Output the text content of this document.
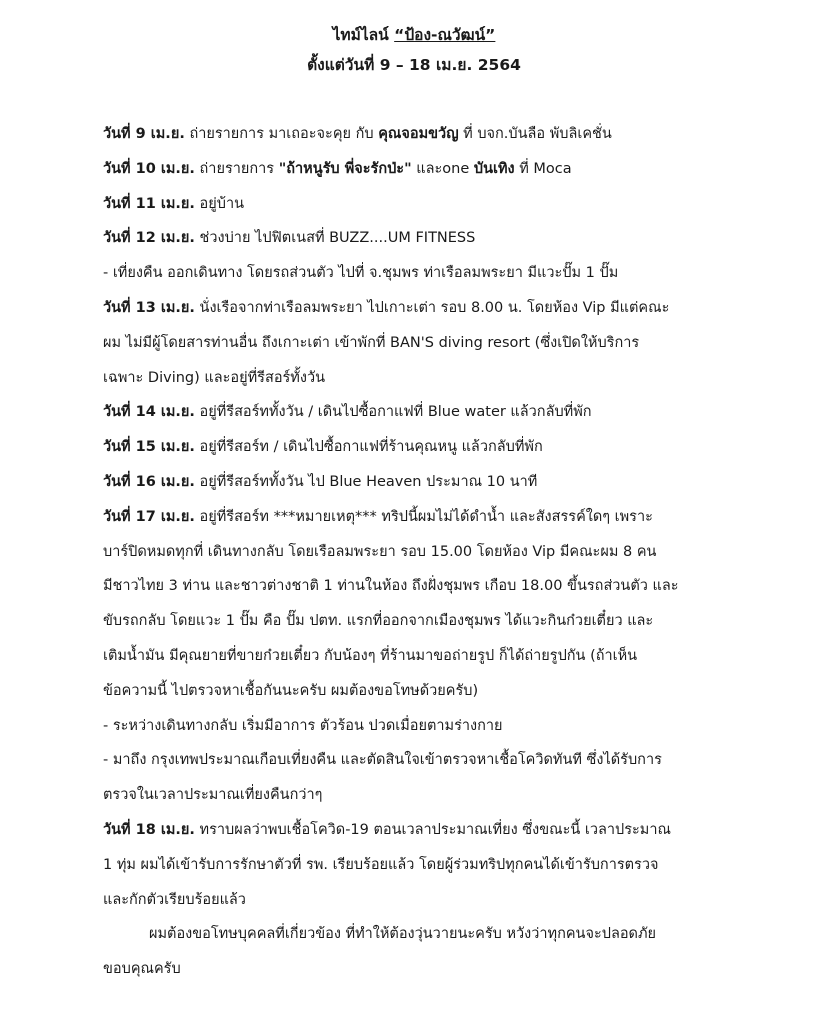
ไทม์ไลน์ “ป้อง-ณวัฒน์”
ตั้งแต่วันที่ 9 – 18 เม.ย. 2564
วันที่ 9 เม.ย. ถ่ายรายการ มาเถอะจะคุย กับ คุณจอมขวัญ ที่ บจก.บันลือ พับลิเคชั่น
วันที่ 10 เม.ย. ถ่ายรายการ "ถ้าหนูรับ พี่จะรักป่ะ" และone บันเทิง ที่ Moca
วันที่ 11 เม.ย. อยู่บ้าน
วันที่ 12 เม.ย. ช่วงบ่าย ไปฟิตเนสที่ BUZZ....UM FITNESS
- เที่ยงคืน ออกเดินทาง โดยรถส่วนตัว ไปที่ จ.ชุมพร ท่าเรือลมพระยา มีแวะปั๊ม 1 ปั๊ม
วันที่ 13 เม.ย. นั่งเรือจากท่าเรือลมพระยา ไปเกาะเต่า รอบ 8.00 น. โดยห้อง Vip มีแต่คณะ
ผม ไม่มีผู้โดยสารท่านอื่น ถึงเกาะเต่า เข้าพักที่ BAN'S diving resort (ซึ่งเปิดให้บริการ
เฉพาะ Diving) และอยู่ที่รีสอร์ทั้งวัน
วันที่ 14 เม.ย. อยู่ที่รีสอร์ททั้งวัน / เดินไปซื้อกาแฟที่ Blue water แล้วกลับที่พัก
วันที่ 15 เม.ย. อยู่ที่รีสอร์ท / เดินไปซื้อกาแฟที่ร้านคุณหนู แล้วกลับที่พัก
วันที่ 16 เม.ย. อยู่ที่รีสอร์ททั้งวัน ไป Blue Heaven ประมาณ 10 นาที
วันที่ 17 เม.ย. อยู่ที่รีสอร์ท ***หมายเหตุ*** ทริปนี้ผมไม่ได้ดำน้ำ และสังสรรค์ใดๆ เพราะ
บาร์ปิดหมดทุกที่ เดินทางกลับ โดยเรือลมพระยา รอบ 15.00 โดยห้อง Vip มีคณะผม 8 คน
มีชาวไทย 3 ท่าน และชาวต่างชาติ 1 ท่านในห้อง ถึงฝั่งชุมพร เกือบ 18.00 ขึ้นรถส่วนตัว และ
ขับรถกลับ โดยแวะ 1 ปั๊ม คือ ปั๊ม ปตท. แรกที่ออกจากเมืองชุมพร ได้แวะกินก๋วยเตี๋ยว และ
เติมน้ำมัน มีคุณยายที่ขายก๋วยเตี๋ยว กับน้องๆ ที่ร้านมาขอถ่ายรูป ก็ได้ถ่ายรูปกัน (ถ้าเห็น
ข้อความนี้ ไปตรวจหาเชื้อกันนะครับ ผมต้องขอโทษด้วยครับ)
- ระหว่างเดินทางกลับ เริ่มมีอาการ ตัวร้อน ปวดเมื่อยตามร่างกาย
- มาถึง กรุงเทพประมาณเกือบเที่ยงคืน และตัดสินใจเข้าตรวจหาเชื้อโควิดทันที ซึ่งได้รับการ
ตรวจในเวลาประมาณเที่ยงคืนกว่าๆ
วันที่ 18 เม.ย. ทราบผลว่าพบเชื้อโควิด-19 ตอนเวลาประมาณเที่ยง ซึ่งขณะนี้ เวลาประมาณ
1 ทุ่ม ผมได้เข้ารับการรักษาตัวที่ รพ. เรียบร้อยแล้ว โดยผู้ร่วมทริปทุกคนได้เข้ารับการตรวจ
และกักตัวเรียบร้อยแล้ว
ผมต้องขอโทษบุคคลที่เกี่ยวข้อง ที่ทำให้ต้องวุ่นวายนะครับ หวังว่าทุกคนจะปลอดภัย
ขอบคุณครับ
